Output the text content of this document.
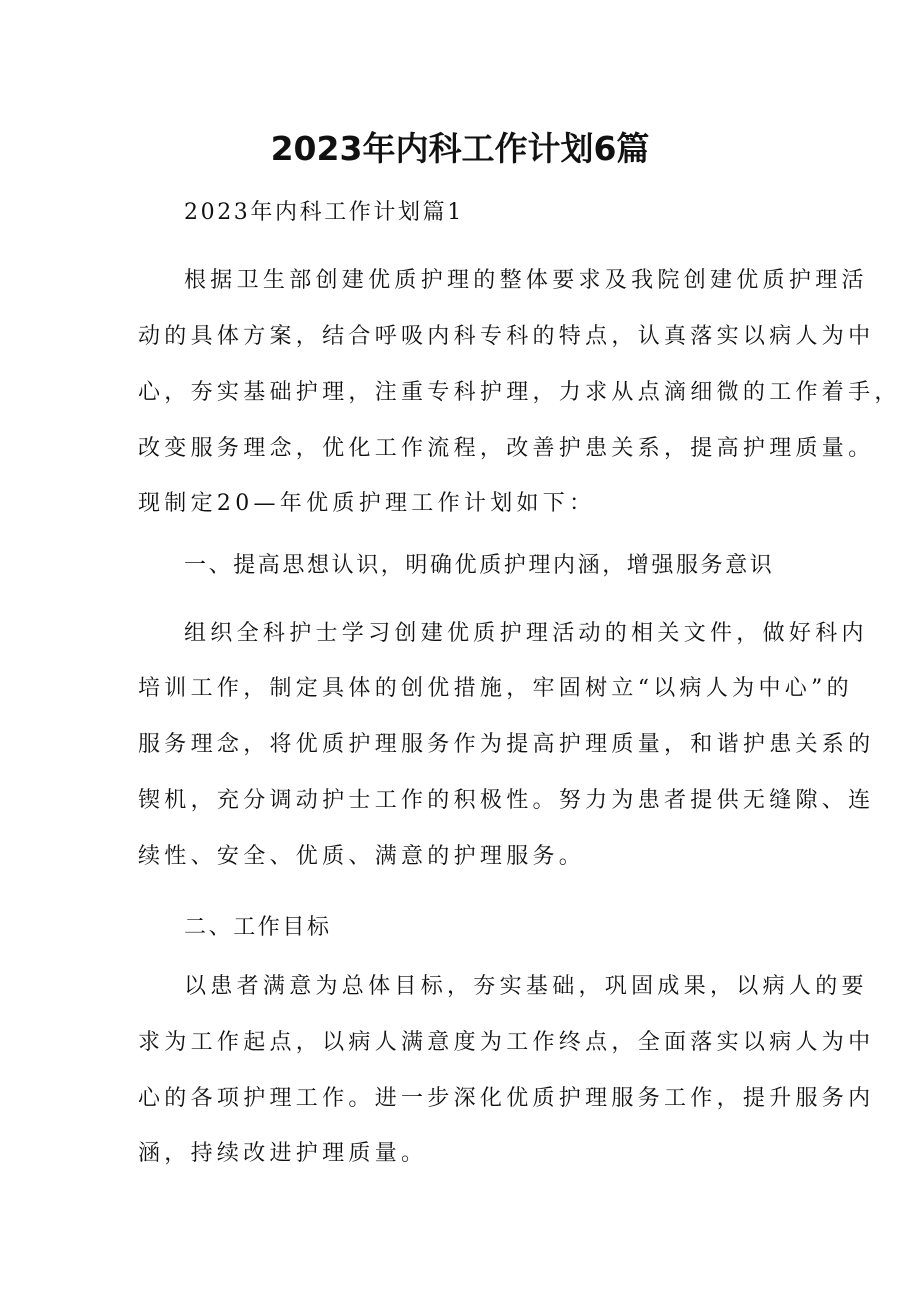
2023年内科工作计划6篇
2023年内科工作计划篇1
根据卫生部创建优质护理的整体要求及我院创建优质护理活
动的具体方案，结合呼吸内科专科的特点，认真落实以病人为中
心，夯实基础护理，注重专科护理，力求从点滴细微的工作着手，
改变服务理念，优化工作流程，改善护患关系，提高护理质量。
现制定20—年优质护理工作计划如下：
一、提高思想认识，明确优质护理内涵，增强服务意识
组织全科护士学习创建优质护理活动的相关文件，做好科内
培训工作，制定具体的创优措施，牢固树立“以病人为中心”的
服务理念，将优质护理服务作为提高护理质量，和谐护患关系的
锲机，充分调动护士工作的积极性。努力为患者提供无缝隙、连
续性、安全、优质、满意的护理服务。
二、工作目标
以患者满意为总体目标，夯实基础，巩固成果，以病人的要
求为工作起点，以病人满意度为工作终点，全面落实以病人为中
心的各项护理工作。进一步深化优质护理服务工作，提升服务内
涵，持续改进护理质量。
